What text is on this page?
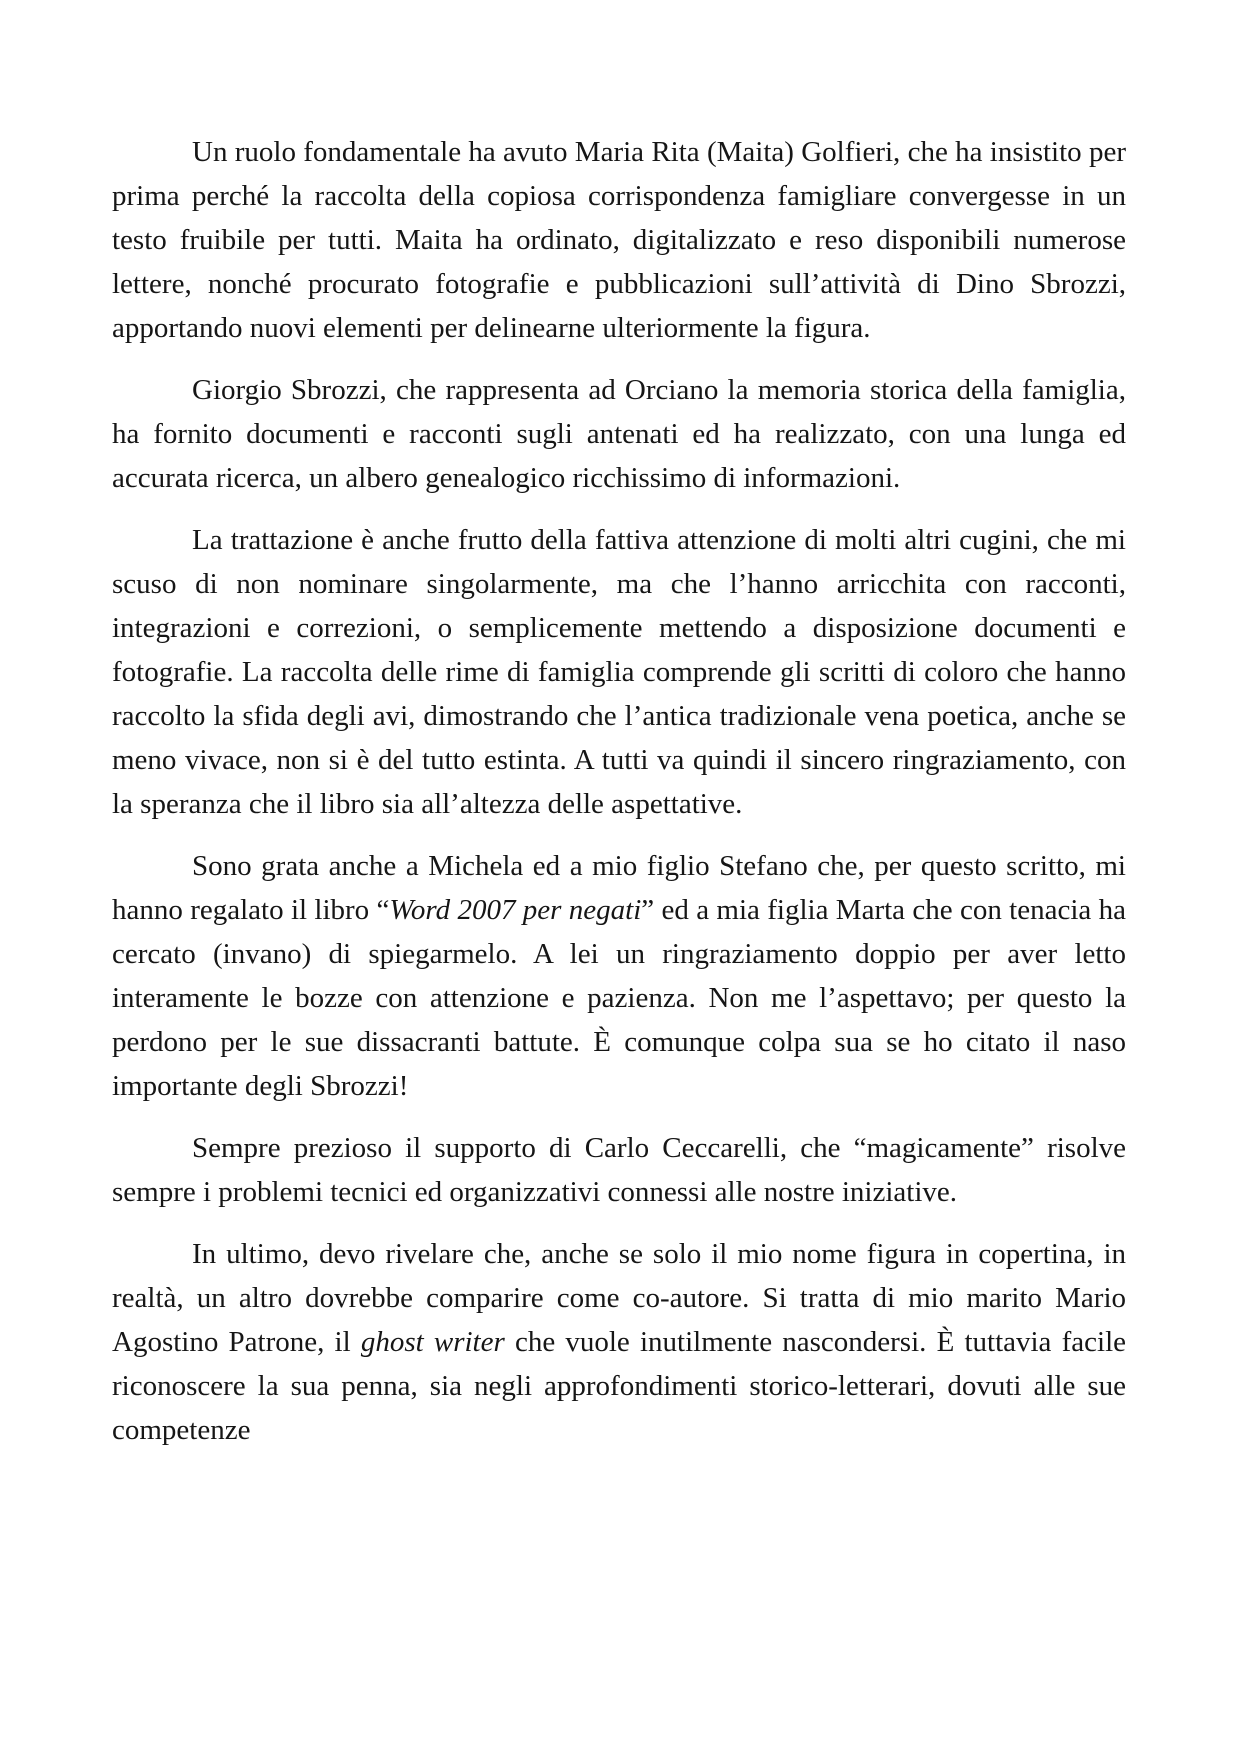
Un ruolo fondamentale ha avuto Maria Rita (Maita) Golfieri, che ha insistito per prima perché la raccolta della copiosa corrispondenza famigliare convergesse in un testo fruibile per tutti. Maita ha ordinato, digitalizzato e reso disponibili numerose lettere, nonché procurato fotografie e pubblicazioni sull’attività di Dino Sbrozzi, apportando nuovi elementi per delinearne ulteriormente la figura.

Giorgio Sbrozzi, che rappresenta ad Orciano la memoria storica della famiglia, ha fornito documenti e racconti sugli antenati ed ha realizzato, con una lunga ed accurata ricerca, un albero genealogico ricchissimo di informazioni.

La trattazione è anche frutto della fattiva attenzione di molti altri cugini, che mi scuso di non nominare singolarmente, ma che l’hanno arricchita con racconti, integrazioni e correzioni, o semplicemente mettendo a disposizione documenti e fotografie. La raccolta delle rime di famiglia comprende gli scritti di coloro che hanno raccolto la sfida degli avi, dimostrando che l’antica tradizionale vena poetica, anche se meno vivace, non si è del tutto estinta. A tutti va quindi il sincero ringraziamento, con la speranza che il libro sia all’altezza delle aspettative.

Sono grata anche a Michela ed a mio figlio Stefano che, per questo scritto, mi hanno regalato il libro “Word 2007 per negati” ed a mia figlia Marta che con tenacia ha cercato (invano) di spiegarmelo. A lei un ringraziamento doppio per aver letto interamente le bozze con attenzione e pazienza. Non me l’aspettavo; per questo la perdono per le sue dissacranti battute. È comunque colpa sua se ho citato il naso importante degli Sbrozzi!

Sempre prezioso il supporto di Carlo Ceccarelli, che “magicamente” risolve sempre i problemi tecnici ed organizzativi connessi alle nostre iniziative.

In ultimo, devo rivelare che, anche se solo il mio nome figura in copertina, in realtà, un altro dovrebbe comparire come co-autore. Si tratta di mio marito Mario Agostino Patrone, il ghost writer che vuole inutilmente nascondersi. È tuttavia facile riconoscere la sua penna, sia negli approfondimenti storico-letterari, dovuti alle sue competenze
